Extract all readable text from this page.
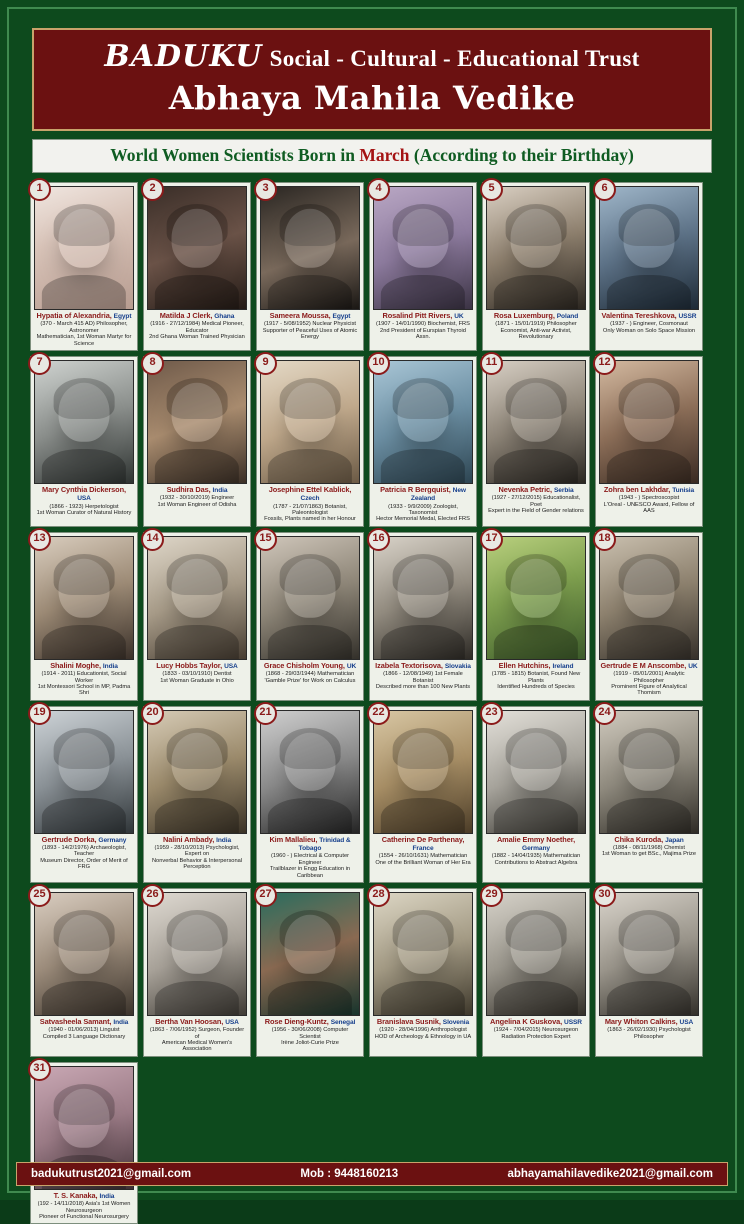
BADUKU Social - Cultural - Educational Trust
Abhaya Mahila Vedike
World Women Scientists Born in March (According to their Birthday)
1
Hypatia of Alexandria, Egypt
(370 - March 415 AD) Philosopher, Astronomer
Mathematician, 1st Woman Martyr for Science
2
Matilda J Clerk, Ghana
(1916 - 27/12/1984) Medical Pioneer, Educator
2nd Ghana Woman Trained Physician
3
Sameera Moussa, Egypt
(1917 - 5/08/1952) Nuclear Physicist
Supporter of Peaceful Uses of Atomic Energy
4
Rosalind Pitt Rivers, UK
(1907 - 14/01/1990) Biochemist, FRS
2nd President of Eurspian Thyroid Assn.
5
Rosa Luxemburg, Poland
(1871 - 15/01/1919) Philosopher
Economist, Anti-war Activist, Revolutionary
6
Valentina Tereshkova, USSR
(1937 - ) Engineer, Cosmonaut
Only Woman on Solo Space Mission
7
Mary Cynthia Dickerson, USA
(1866 - 1923) Herpetologist
1st Woman Curator of Natural History
8
Sudhira Das, India
(1932 - 30/10/2019) Engineer
1st Woman Engineer of Odisha
9
Josephine Ettel Kablick, Czech
(1787 - 21/07/1863) Botanist, Paleontologist
Fossils, Plants named in her Honour
10
Patricia R Bergquist, New Zealand
(1933 - 9/9/2009) Zoologist, Taxonomist
Hector Memorial Medal, Elected FRS
11
Nevenka Petric, Serbia
(1927 - 27/12/2015) Educationalist, Poet
Expert in the Field of Gender relations
12
Zohra ben Lakhdar, Tunisia
(1943 - ) Spectroscopist
L'Oreal - UNESCO Award, Fellow of AAS
13
Shalini Moghe, India
(1914 - 2011) Educationist, Social Worker
1st Montessori School in MP, Padma Shri
14
Lucy Hobbs Taylor, USA
(1833 - 03/10/1910) Dentist
1st Woman Graduate in Ohio
15
Grace Chisholm Young, UK
(1868 - 29/03/1944) Mathematician
'Gamble Prize' for Work on Calculus
16
Izabela Textorisova, Slovakia
(1866 - 12/08/1949) 1st Female Botanist
Described more than 100 New Plants
17
Ellen Hutchins, Ireland
(1785 - 1815) Botanist, Found New Plants
Identified Hundreds of Species
18
Gertrude E M Anscombe, UK
(1919 - 05/01/2001) Analytic Philosopher
Prominent Figure of Analytical Thomism
19
Gertrude Dorka, Germany
(1893 - 14/2/1976) Archaeologist, Teacher
Museum Director, Order of Merit of FRG
20
Nalini Ambady, India
(1959 - 28/10/2013) Psychologist, Expert on
Nonverbal Behavior & Interpersonal Perception
21
Kim Mallalieu, Trinidad & Tobago
(1960 - ) Electrical & Computer Engineer
Trailblazer in Engg Education in Caribbean
22
Catherine De Parthenay, France
(1554 - 26/10/1631) Mathematician
One of the Brilliant Woman of Her Era
23
Amalie Emmy Noether, Germany
(1882 - 14/04/1935) Mathematician
Contributions to Abstract Algebra
24
Chika Kuroda, Japan
(1884 - 08/11/1968) Chemist
1st Woman to get BSc., Majima Prize
25
Satvasheela Samant, India
(1940 - 01/06/2013) Linguist
Compiled 3 Language Dictionary
26
Bertha Van Hoosan, USA
(1863 - 7/06/1952) Surgeon, Founder of
American Medical Women's Association
27
Rose Dieng-Kuntz, Senegal
(1956 - 30/06/2008) Computer Scientist
Irène Joliot-Curie Prize
28
Branislava Susnik, Slovenia
(1920 - 28/04/1996) Anthropologist
HOD of Archeology & Ethnology in UA
29
Angelina K Guskova, USSR
(1924 - 7/04/2015) Neurosurgeon
Radiation Protection Expert
30
Mary Whiton Calkins, USA
(1863 - 26/02/1930) Psychologist
Philosopher
31
T. S. Kanaka, India
(192 - 14/11/2018) Asia's 1st Women Neurosurgeon
Pioneer of Functional Neurosurgery
badukutrust2021@gmail.com	Mob : 9448160213	abhayamahilavedike2021@gmail.com
